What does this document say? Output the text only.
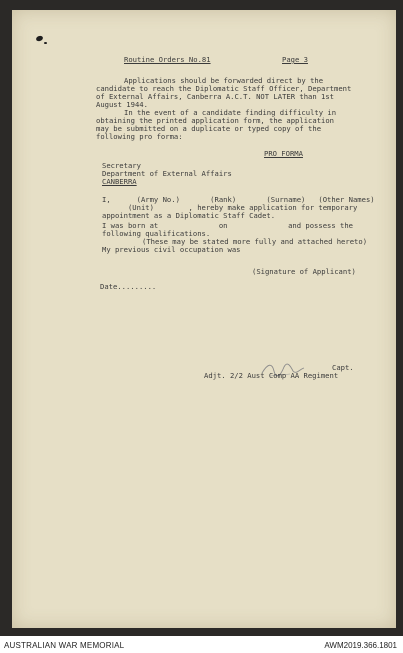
Routine Orders No.81	Page 3
Applications should be forwarded direct by the
candidate to reach the Diplomatic Staff Officer, Department
of External Affairs, Canberra A.C.T. NOT LATER than 1st
August 1944.
In the event of a candidate finding difficulty in
obtaining the printed application form, the application
may be submitted on a duplicate or typed copy of the
following pro forma:
PRO FORMA
Secretary
Department of External Affairs
CANBERRA
I,      (Army No.)       (Rank)       (Surname)   (Other Names)
(Unit)        , hereby make application for temporary
appointment as a Diplomatic Staff Cadet.
I was born at              on              and possess the
following qualifications.
(These may be stated more fully and attached hereto)
My previous civil occupation was
(Signature of Applicant)
Date.........
Capt.
Adjt. 2/2 Aust Comp AA Regiment
AUSTRALIAN WAR MEMORIAL	AWM2019.366.1801
